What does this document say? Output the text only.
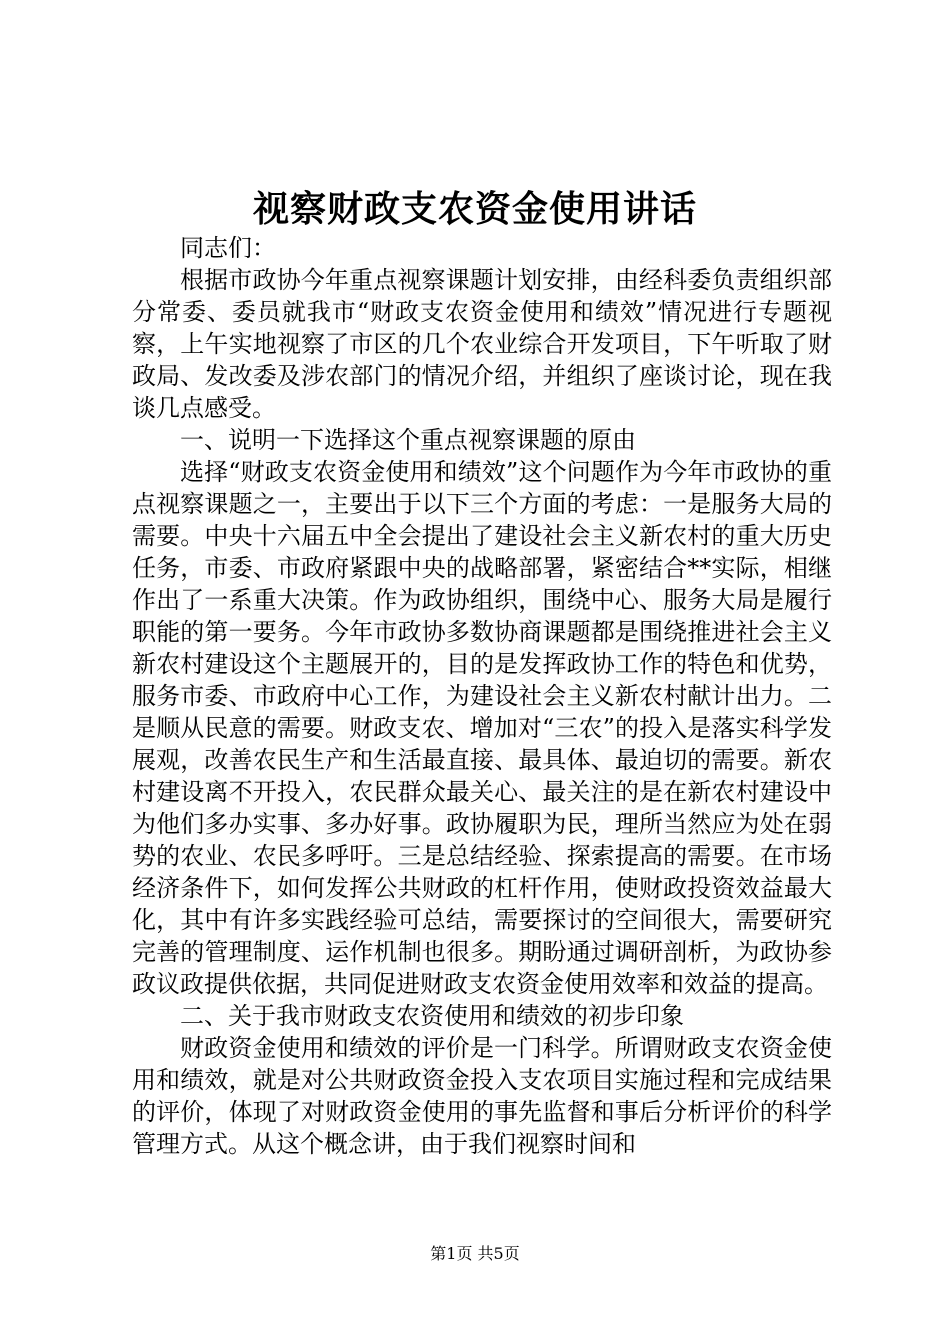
视察财政支农资金使用讲话

同志们：

根据市政协今年重点视察课题计划安排，由经科委负责组织部分常委、委员就我市“财政支农资金使用和绩效”情况进行专题视察，上午实地视察了市区的几个农业综合开发项目，下午听取了财政局、发改委及涉农部门的情况介绍，并组织了座谈讨论，现在我谈几点感受。

一、说明一下选择这个重点视察课题的原由

选择“财政支农资金使用和绩效”这个问题作为今年市政协的重点视察课题之一，主要出于以下三个方面的考虑：一是服务大局的需要。中央十六届五中全会提出了建设社会主义新农村的重大历史任务，市委、市政府紧跟中央的战略部署，紧密结合**实际，相继作出了一系重大决策。作为政协组织，围绕中心、服务大局是履行职能的第一要务。今年市政协多数协商课题都是围绕推进社会主义新农村建设这个主题展开的，目的是发挥政协工作的特色和优势，服务市委、市政府中心工作，为建设社会主义新农村献计出力。二是顺从民意的需要。财政支农、增加对“三农”的投入是落实科学发展观，改善农民生产和生活最直接、最具体、最迫切的需要。新农村建设离不开投入，农民群众最关心、最关注的是在新农村建设中为他们多办实事、多办好事。政协履职为民，理所当然应为处在弱势的农业、农民多呼吁。三是总结经验、探索提高的需要。在市场经济条件下，如何发挥公共财政的杠杆作用，使财政投资效益最大化，其中有许多实践经验可总结，需要探讨的空间很大，需要研究完善的管理制度、运作机制也很多。期盼通过调研剖析，为政协参政议政提供依据，共同促进财政支农资金使用效率和效益的提高。

二、关于我市财政支农资使用和绩效的初步印象

财政资金使用和绩效的评价是一门科学。所谓财政支农资金使用和绩效，就是对公共财政资金投入支农项目实施过程和完成结果的评价，体现了对财政资金使用的事先监督和事后分析评价的科学管理方式。从这个概念讲，由于我们视察时间和

第1页 共5页
